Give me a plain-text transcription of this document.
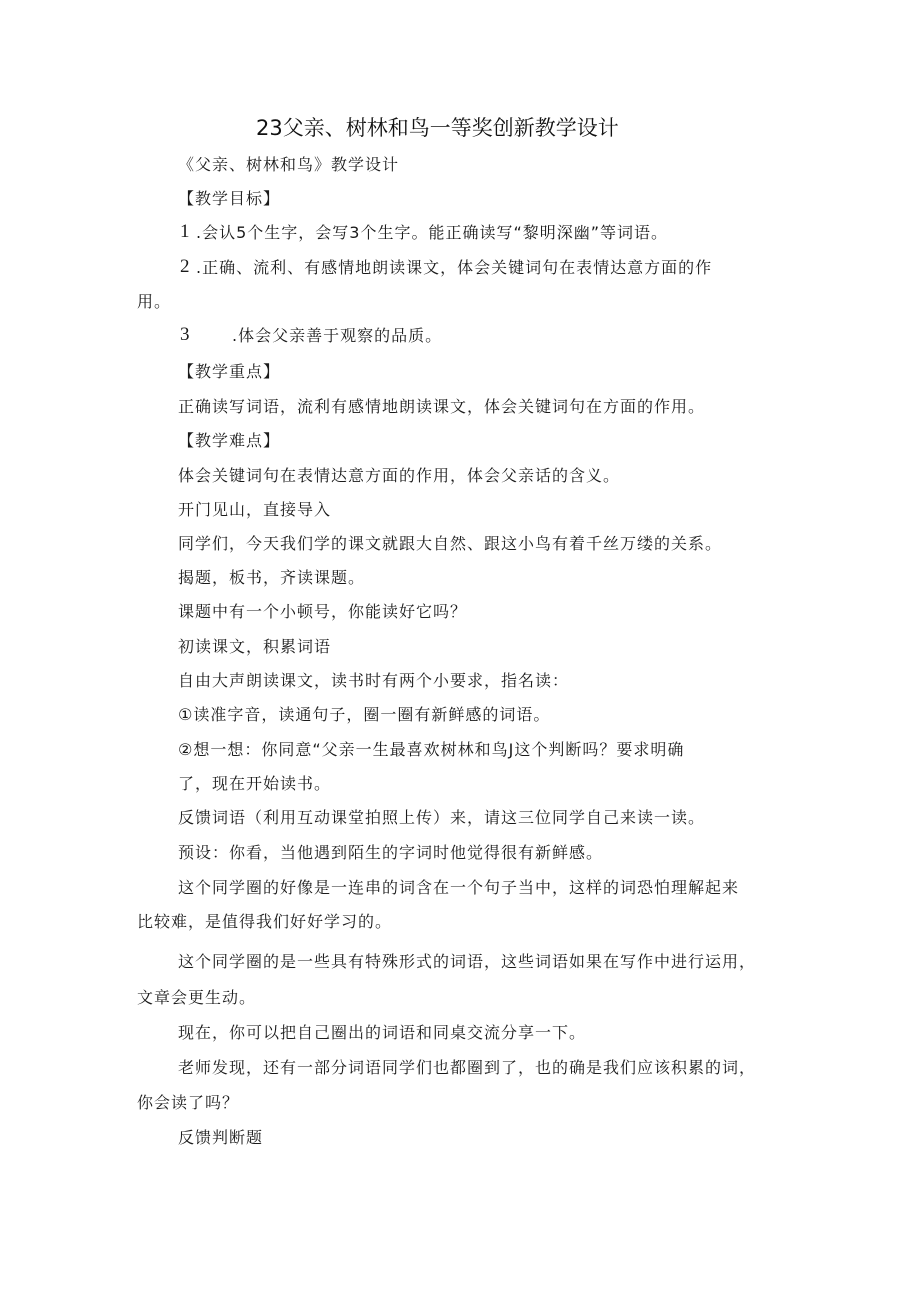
23父亲、树林和鸟一等奖创新教学设计
《父亲、树林和鸟》教学设计
【教学目标】
1 .会认5个生字，会写3个生字。能正确读写“黎明深幽”等词语。
2 .正确、流利、有感情地朗读课文，体会关键词句在表情达意方面的作
用。
3	.体会父亲善于观察的品质。
【教学重点】
正确读写词语，流利有感情地朗读课文，体会关键词句在方面的作用。
【教学难点】
体会关键词句在表情达意方面的作用，体会父亲话的含义。
开门见山，直接导入
同学们，今天我们学的课文就跟大自然、跟这小鸟有着千丝万缕的关系。
揭题，板书，齐读课题。
课题中有一个小顿号，你能读好它吗？
初读课文，积累词语
自由大声朗读课文，读书时有两个小要求，指名读：
①读准字音，读通句子，圈一圈有新鲜感的词语。
②想一想：你同意“父亲一生最喜欢树林和鸟J这个判断吗？要求明确
了，现在开始读书。
反馈词语（利用互动课堂拍照上传）来，请这三位同学自己来读一读。
预设：你看，当他遇到陌生的字词时他觉得很有新鲜感。
这个同学圈的好像是一连串的词含在一个句子当中，这样的词恐怕理解起来
比较难，是值得我们好好学习的。
这个同学圈的是一些具有特殊形式的词语，这些词语如果在写作中进行运用，
文章会更生动。
现在，你可以把自己圈出的词语和同桌交流分享一下。
老师发现，还有一部分词语同学们也都圈到了，也的确是我们应该积累的词，
你会读了吗？
反馈判断题
